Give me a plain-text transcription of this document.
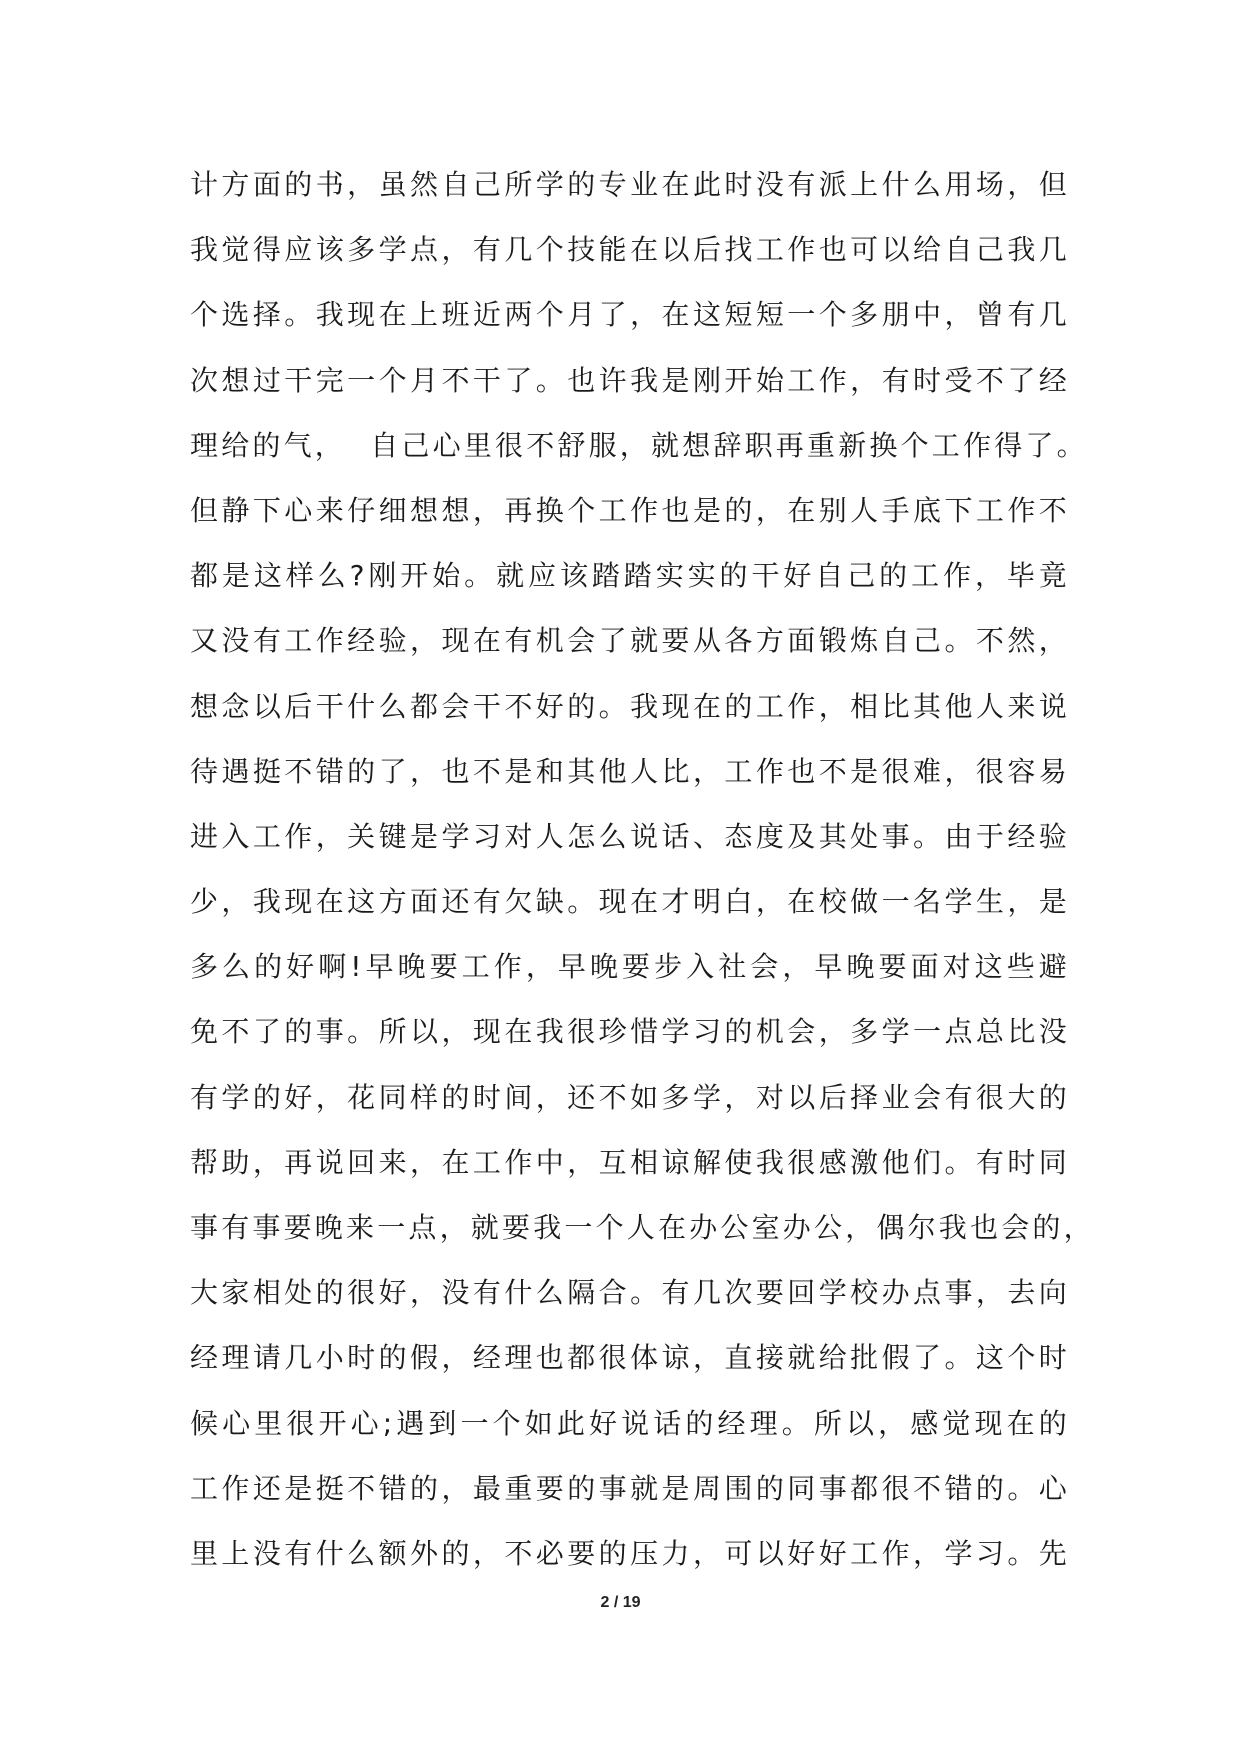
计方面的书，虽然自己所学的专业在此时没有派上什么用场，但
我觉得应该多学点，有几个技能在以后找工作也可以给自己我几
个选择。我现在上班近两个月了，在这短短一个多朋中，曾有几
次想过干完一个月不干了。也许我是刚开始工作，有时受不了经
理给的气，  自己心里很不舒服，就想辞职再重新换个工作得了。
但静下心来仔细想想，再换个工作也是的，在别人手底下工作不
都是这样么?刚开始。就应该踏踏实实的干好自己的工作，毕竟
又没有工作经验，现在有机会了就要从各方面锻炼自己。不然，
想念以后干什么都会干不好的。我现在的工作，相比其他人来说
待遇挺不错的了，也不是和其他人比，工作也不是很难，很容易
进入工作，关键是学习对人怎么说话、态度及其处事。由于经验
少，我现在这方面还有欠缺。现在才明白，在校做一名学生，是
多么的好啊!早晚要工作，早晚要步入社会，早晚要面对这些避
免不了的事。所以，现在我很珍惜学习的机会，多学一点总比没
有学的好，花同样的时间，还不如多学，对以后择业会有很大的
帮助，再说回来，在工作中，互相谅解使我很感激他们。有时同
事有事要晚来一点，就要我一个人在办公室办公，偶尔我也会的，
大家相处的很好，没有什么隔合。有几次要回学校办点事，去向
经理请几小时的假，经理也都很体谅，直接就给批假了。这个时
候心里很开心;遇到一个如此好说话的经理。所以，感觉现在的
工作还是挺不错的，最重要的事就是周围的同事都很不错的。心
里上没有什么额外的，不必要的压力，可以好好工作，学习。先
2 / 19
